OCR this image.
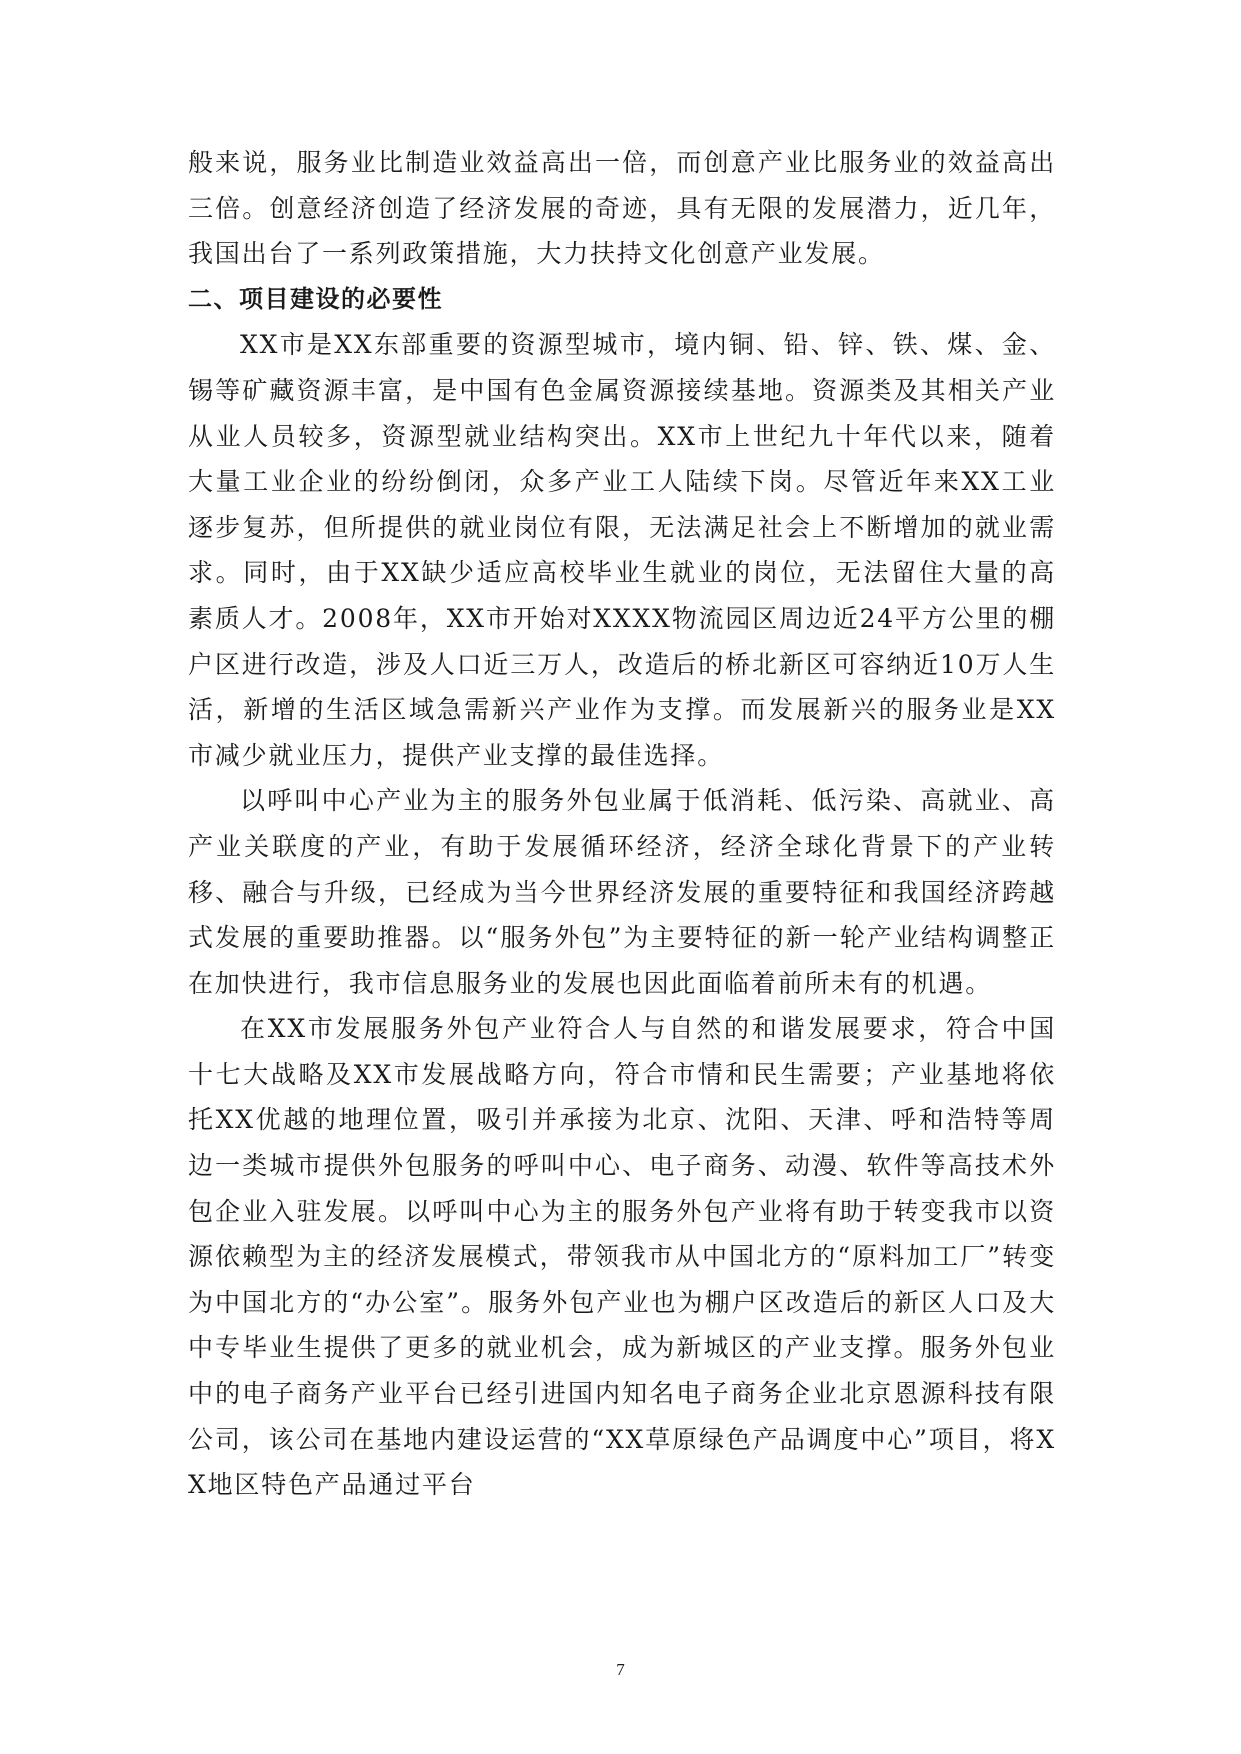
般来说，服务业比制造业效益高出一倍，而创意产业比服务业的效益高出三倍。创意经济创造了经济发展的奇迹，具有无限的发展潜力，近几年，我国出台了一系列政策措施，大力扶持文化创意产业发展。

二、项目建设的必要性

XX市是XX东部重要的资源型城市，境内铜、铅、锌、铁、煤、金、锡等矿藏资源丰富，是中国有色金属资源接续基地。资源类及其相关产业从业人员较多，资源型就业结构突出。XX市上世纪九十年代以来，随着大量工业企业的纷纷倒闭，众多产业工人陆续下岗。尽管近年来XX工业逐步复苏，但所提供的就业岗位有限，无法满足社会上不断增加的就业需求。同时，由于XX缺少适应高校毕业生就业的岗位，无法留住大量的高素质人才。2008年，XX市开始对XXXX物流园区周边近24平方公里的棚户区进行改造，涉及人口近三万人，改造后的桥北新区可容纳近10万人生活，新增的生活区域急需新兴产业作为支撑。而发展新兴的服务业是XX市减少就业压力，提供产业支撑的最佳选择。

以呼叫中心产业为主的服务外包业属于低消耗、低污染、高就业、高产业关联度的产业，有助于发展循环经济，经济全球化背景下的产业转移、融合与升级，已经成为当今世界经济发展的重要特征和我国经济跨越式发展的重要助推器。以“服务外包”为主要特征的新一轮产业结构调整正在加快进行，我市信息服务业的发展也因此面临着前所未有的机遇。

在XX市发展服务外包产业符合人与自然的和谐发展要求，符合中国十七大战略及XX市发展战略方向，符合市情和民生需要；产业基地将依托XX优越的地理位置，吸引并承接为北京、沈阳、天津、呼和浩特等周边一类城市提供外包服务的呼叫中心、电子商务、动漫、软件等高技术外包企业入驻发展。以呼叫中心为主的服务外包产业将有助于转变我市以资源依赖型为主的经济发展模式，带领我市从中国北方的“原料加工厂”转变为中国北方的“办公室”。服务外包产业也为棚户区改造后的新区人口及大中专毕业生提供了更多的就业机会，成为新城区的产业支撑。服务外包业中的电子商务产业平台已经引进国内知名电子商务企业北京恩源科技有限公司，该公司在基地内建设运营的“XX草原绿色产品调度中心”项目，将XX地区特色产品通过平台

7
